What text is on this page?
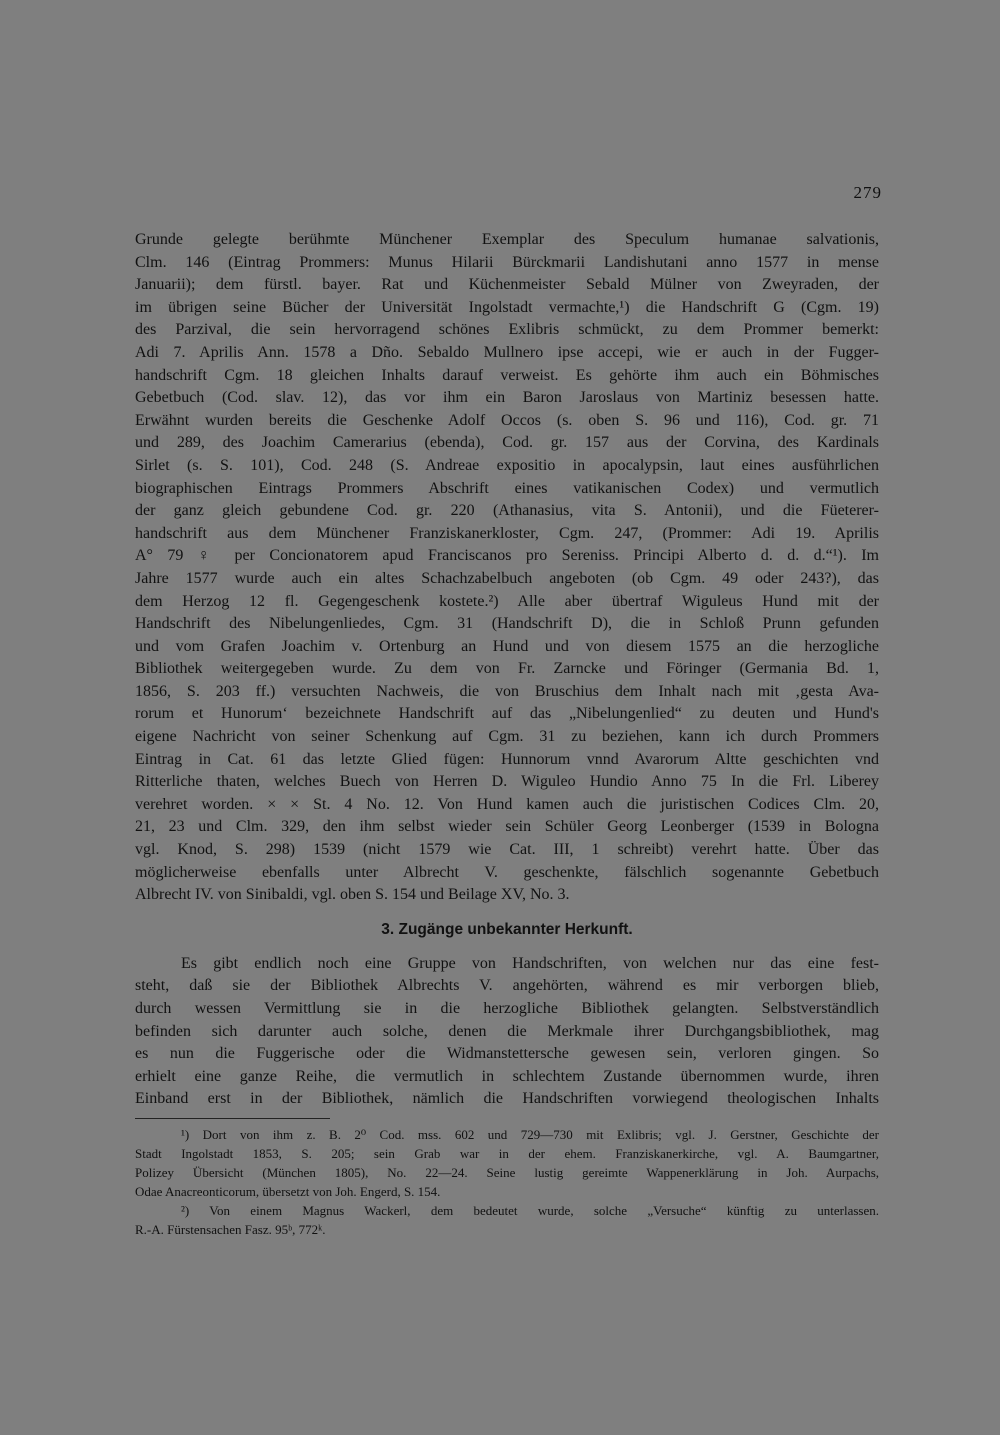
279
Grunde gelegte berühmte Münchener Exemplar des Speculum humanae salvationis,
Clm. 146 (Eintrag Prommers: Munus Hilarii Bürckmarii Landishutani anno 1577 in mense
Januarii); dem fürstl. bayer. Rat und Küchenmeister Sebald Mülner von Zweyraden, der
im übrigen seine Bücher der Universität Ingolstadt vermachte,¹) die Handschrift G (Cgm. 19)
des Parzival, die sein hervorragend schönes Exlibris schmückt, zu dem Prommer bemerkt:
Adi 7. Aprilis Ann. 1578 a Dño. Sebaldo Mullnero ipse accepi, wie er auch in der Fugger-
handschrift Cgm. 18 gleichen Inhalts darauf verweist. Es gehörte ihm auch ein Böhmisches
Gebetbuch (Cod. slav. 12), das vor ihm ein Baron Jaroslaus von Martiniz besessen hatte.
Erwähnt wurden bereits die Geschenke Adolf Occos (s. oben S. 96 und 116), Cod. gr. 71
und 289, des Joachim Camerarius (ebenda), Cod. gr. 157 aus der Corvina, des Kardinals
Sirlet (s. S. 101), Cod. 248 (S. Andreae expositio in apocalypsin, laut eines ausführlichen
biographischen Eintrags Prommers Abschrift eines vatikanischen Codex) und vermutlich
der ganz gleich gebundene Cod. gr. 220 (Athanasius, vita S. Antonii), und die Füeterer-
handschrift aus dem Münchener Franziskanerkloster, Cgm. 247, (Prommer: Adi 19. Aprilis
A° 79 ♀ per Concionatorem apud Franciscanos pro Sereniss. Principi Alberto d. d. d.“¹). Im
Jahre 1577 wurde auch ein altes Schachzabelbuch angeboten (ob Cgm. 49 oder 243?), das
dem Herzog 12 fl. Gegengeschenk kostete.²) Alle aber übertraf Wiguleus Hund mit der
Handschrift des Nibelungenliedes, Cgm. 31 (Handschrift D), die in Schloß Prunn gefunden
und vom Grafen Joachim v. Ortenburg an Hund und von diesem 1575 an die herzogliche
Bibliothek weitergegeben wurde. Zu dem von Fr. Zarncke und Föringer (Germania Bd. 1,
1856, S. 203 ff.) versuchten Nachweis, die von Bruschius dem Inhalt nach mit ‚gesta Ava-
rorum et Hunorum‘ bezeichnete Handschrift auf das „Nibelungenlied“ zu deuten und Hund's
eigene Nachricht von seiner Schenkung auf Cgm. 31 zu beziehen, kann ich durch Prommers
Eintrag in Cat. 61 das letzte Glied fügen: Hunnorum vnnd Avarorum Altte geschichten vnd
Ritterliche thaten, welches Buech von Herren D. Wiguleo Hundio Anno 75 In die Frl. Liberey
verehret worden. × × St. 4 No. 12. Von Hund kamen auch die juristischen Codices Clm. 20,
21, 23 und Clm. 329, den ihm selbst wieder sein Schüler Georg Leonberger (1539 in Bologna
vgl. Knod, S. 298) 1539 (nicht 1579 wie Cat. III, 1 schreibt) verehrt hatte. Über das
möglicherweise ebenfalls unter Albrecht V. geschenkte, fälschlich sogenannte Gebetbuch
Albrecht IV. von Sinibaldi, vgl. oben S. 154 und Beilage XV, No. 3.
3. Zugänge unbekannter Herkunft.
Es gibt endlich noch eine Gruppe von Handschriften, von welchen nur das eine fest-
steht, daß sie der Bibliothek Albrechts V. angehörten, während es mir verborgen blieb,
durch wessen Vermittlung sie in die herzogliche Bibliothek gelangten. Selbstverständlich
befinden sich darunter auch solche, denen die Merkmale ihrer Durchgangsbibliothek, mag
es nun die Fuggerische oder die Widmanstettersche gewesen sein, verloren gingen. So
erhielt eine ganze Reihe, die vermutlich in schlechtem Zustande übernommen wurde, ihren
Einband erst in der Bibliothek, nämlich die Handschriften vorwiegend theologischen Inhalts
¹) Dort von ihm z. B. 2⁰ Cod. mss. 602 und 729—730 mit Exlibris; vgl. J. Gerstner, Geschichte der
Stadt Ingolstadt 1853, S. 205; sein Grab war in der ehem. Franziskanerkirche, vgl. A. Baumgartner,
Polizey Übersicht (München 1805), No. 22—24. Seine lustig gereimte Wappenerklärung in Joh. Aurpachs,
Odae Anacreonticorum, übersetzt von Joh. Engerd, S. 154.
²) Von einem Magnus Wackerl, dem bedeutet wurde, solche „Versuche“ künftig zu unterlassen.
R.-A. Fürstensachen Fasz. 95ᵇ, 772ᵏ.
